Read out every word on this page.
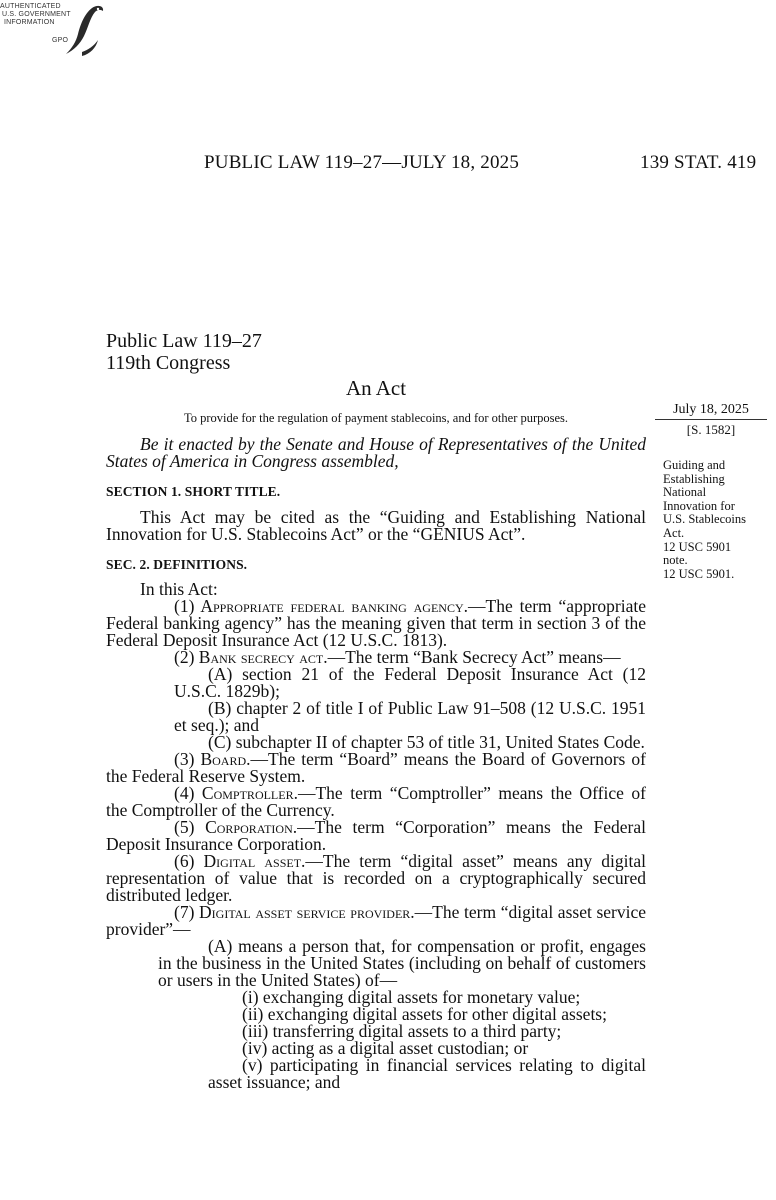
AUTHENTICATED
U.S. GOVERNMENT
INFORMATION
GPO
PUBLIC LAW 119–27—JULY 18, 2025	139 STAT. 419
Public Law 119–27
119th Congress
An Act
To provide for the regulation of payment stablecoins, and for other purposes.
July 18, 2025
[S. 1582]
Guiding and
Establishing
National
Innovation for
U.S. Stablecoins
Act.
12 USC 5901
note.
12 USC 5901.

Be it enacted by the Senate and House of Representatives of the United States of America in Congress assembled,

SECTION 1. SHORT TITLE.

This Act may be cited as the “Guiding and Establishing National Innovation for U.S. Stablecoins Act” or the “GENIUS Act”.

SEC. 2. DEFINITIONS.

In this Act:

(1) Appropriate federal banking agency.—The term “appropriate Federal banking agency” has the meaning given that term in section 3 of the Federal Deposit Insurance Act (12 U.S.C. 1813).

(2) Bank secrecy act.—The term “Bank Secrecy Act” means—

(A) section 21 of the Federal Deposit Insurance Act (12 U.S.C. 1829b);

(B) chapter 2 of title I of Public Law 91–508 (12 U.S.C. 1951 et seq.); and

(C) subchapter II of chapter 53 of title 31, United States Code.

(3) Board.—The term “Board” means the Board of Governors of the Federal Reserve System.

(4) Comptroller.—The term “Comptroller” means the Office of the Comptroller of the Currency.

(5) Corporation.—The term “Corporation” means the Federal Deposit Insurance Corporation.

(6) Digital asset.—The term “digital asset” means any digital representation of value that is recorded on a cryptographically secured distributed ledger.

(7) Digital asset service provider.—The term “digital asset service provider”—

(A) means a person that, for compensation or profit, engages in the business in the United States (including on behalf of customers or users in the United States) of—

(i) exchanging digital assets for monetary value;

(ii) exchanging digital assets for other digital assets;

(iii) transferring digital assets to a third party;

(iv) acting as a digital asset custodian; or

(v) participating in financial services relating to digital asset issuance; and
